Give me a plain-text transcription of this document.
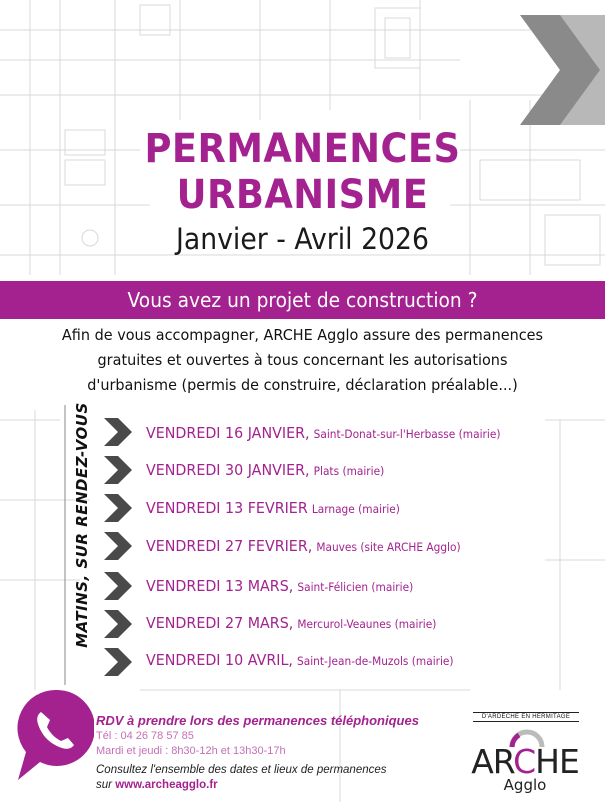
PERMANENCES
URBANISME
Janvier - Avril 2026
Vous avez un projet de construction ?
Afin de vous accompagner, ARCHE Agglo assure des permanences
gratuites et ouvertes à tous concernant les autorisations
d'urbanisme (permis de construire, déclaration préalable...)
MATINS, SUR RENDEZ-VOUS	VENDREDI 16 JANVIER, Saint-Donat-sur-l'Herbasse (mairie)
VENDREDI 30 JANVIER, Plats (mairie)
VENDREDI 13 FEVRIER Larnage (mairie)
VENDREDI 27 FEVRIER, Mauves (site ARCHE Agglo)
VENDREDI 13 MARS, Saint-Félicien (mairie)
VENDREDI 27 MARS, Mercurol-Veaunes (mairie)
VENDREDI 10 AVRIL, Saint-Jean-de-Muzols (mairie)
RDV à prendre lors des permanences téléphoniques
Tél : 04 26 78 57 85
Mardi et jeudi : 8h30-12h et 13h30-17h
Consultez l'ensemble des dates et lieux de permanences
sur www.archeagglo.fr
D'ARDÈCHE EN HERMITAGE
ARCHE
Agglo
